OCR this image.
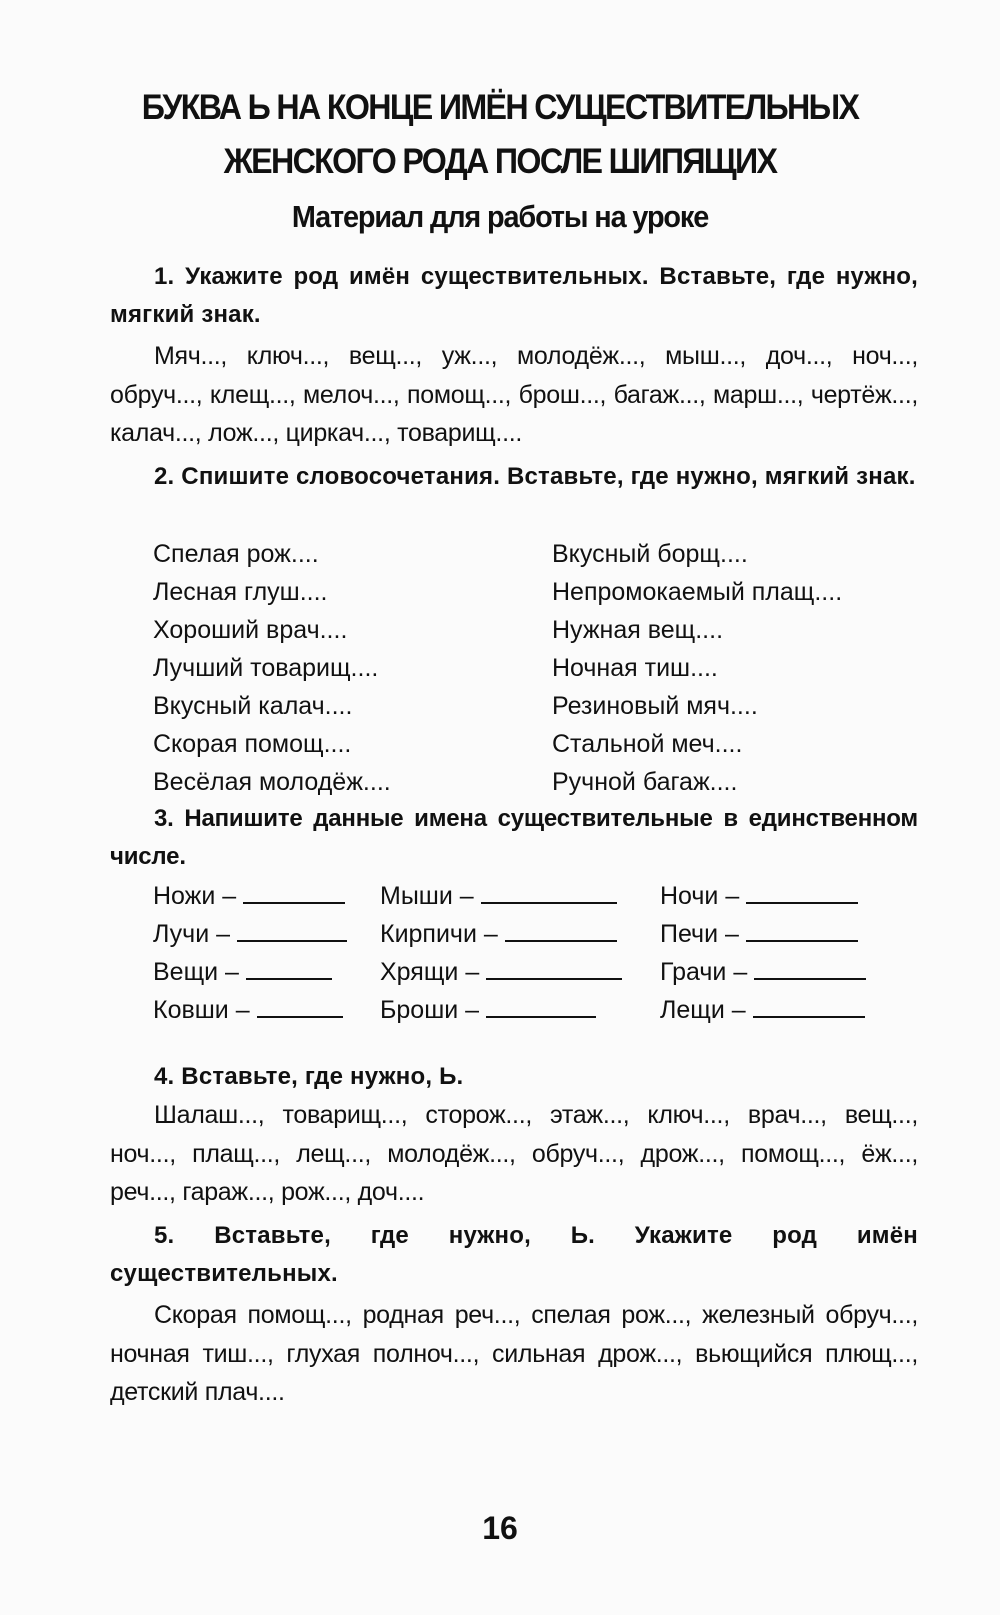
БУКВА Ь НА КОНЦЕ ИМЁН СУЩЕСТВИТЕЛЬНЫХ
ЖЕНСКОГО РОДА ПОСЛЕ ШИПЯЩИХ
Материал для работы на уроке
1. Укажите род имён существительных. Вставьте, где нужно, мягкий знак.
Мяч..., ключ..., вещ..., уж..., молодёж..., мыш..., доч..., ноч..., обруч..., клещ..., мелоч..., помощ..., брош..., багаж..., марш..., чертёж..., калач..., лож..., циркач..., товарищ....
2. Спишите словосочетания. Вставьте, где нужно, мягкий знак.
Спелая рож....
Лесная глуш....
Хороший врач....
Лучший товарищ....
Вкусный калач....
Скорая помощ....
Весёлая молодёж....
Вкусный борщ....
Непромокаемый плащ....
Нужная вещ....
Ночная тиш....
Резиновый мяч....
Стальной меч....
Ручной багаж....
3. Напишите данные имена существительные в единственном числе.
Ножи –
Лучи –
Вещи –
Ковши –
Мыши –
Кирпичи –
Хрящи –
Броши –
Ночи –
Печи –
Грачи –
Лещи –
4. Вставьте, где нужно, Ь.
Шалаш..., товарищ..., сторож..., этаж..., ключ..., врач..., вещ..., ноч..., плащ..., лещ..., молодёж..., обруч..., дрож..., помощ..., ёж..., реч..., гараж..., рож..., доч....
5. Вставьте, где нужно, Ь. Укажите род имён существительных.
Скорая помощ..., родная реч..., спелая рож..., железный обруч..., ночная тиш..., глухая полноч..., сильная дрож..., вьющийся плющ..., детский плач....
16
